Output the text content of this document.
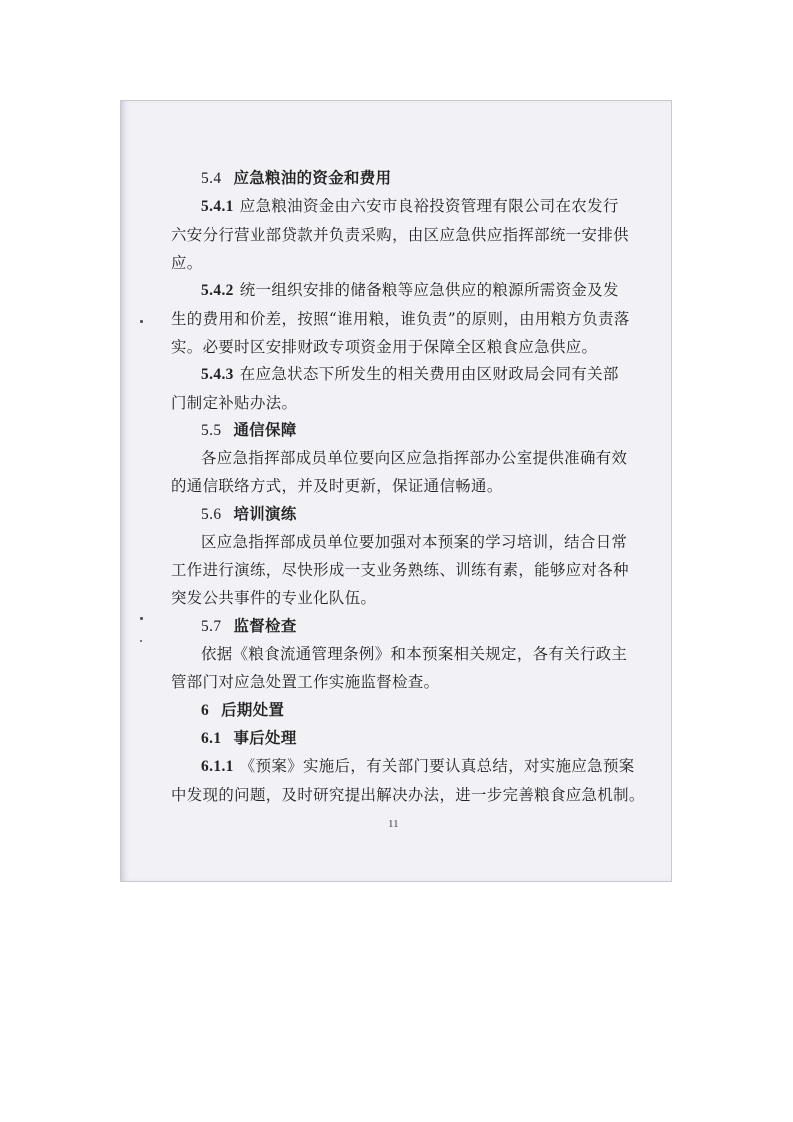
5.4 应急粮油的资金和费用
5.4.1 应急粮油资金由六安市良裕投资管理有限公司在农发行
六安分行营业部贷款并负责采购，由区应急供应指挥部统一安排供
应。
5.4.2 统一组织安排的储备粮等应急供应的粮源所需资金及发
生的费用和价差，按照“谁用粮，谁负责”的原则，由用粮方负责落
实。必要时区安排财政专项资金用于保障全区粮食应急供应。
5.4.3 在应急状态下所发生的相关费用由区财政局会同有关部
门制定补贴办法。
5.5 通信保障
各应急指挥部成员单位要向区应急指挥部办公室提供准确有效
的通信联络方式，并及时更新，保证通信畅通。
5.6 培训演练
区应急指挥部成员单位要加强对本预案的学习培训，结合日常
工作进行演练，尽快形成一支业务熟练、训练有素，能够应对各种
突发公共事件的专业化队伍。
5.7 监督检查
依据《粮食流通管理条例》和本预案相关规定，各有关行政主
管部门对应急处置工作实施监督检查。
6 后期处置
6.1 事后处理
6.1.1 《预案》实施后，有关部门要认真总结，对实施应急预案
中发现的问题，及时研究提出解决办法，进一步完善粮食应急机制。
11
